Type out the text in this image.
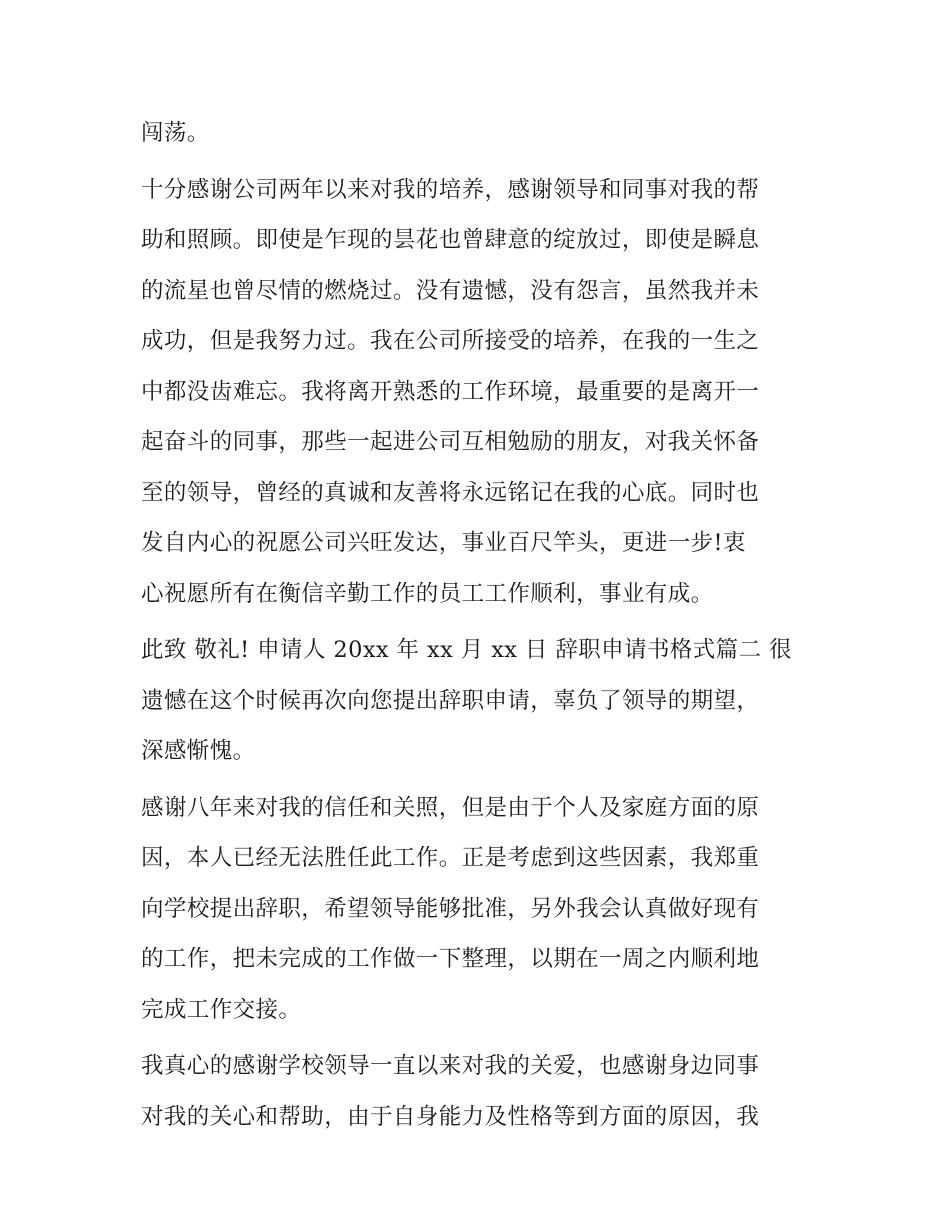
闯荡。
十分感谢公司两年以来对我的培养，感谢领导和同事对我的帮
助和照顾。即使是乍现的昙花也曾肆意的绽放过，即使是瞬息
的流星也曾尽情的燃烧过。没有遗憾，没有怨言，虽然我并未
成功，但是我努力过。我在公司所接受的培养，在我的一生之
中都没齿难忘。我将离开熟悉的工作环境，最重要的是离开一
起奋斗的同事，那些一起进公司互相勉励的朋友，对我关怀备
至的领导，曾经的真诚和友善将永远铭记在我的心底。同时也
发自内心的祝愿公司兴旺发达，事业百尺竿头，更进一步!衷
心祝愿所有在衡信辛勤工作的员工工作顺利，事业有成。
此致 敬礼! 申请人 20xx 年 xx 月 xx 日 辞职申请书格式篇二 很
遗憾在这个时候再次向您提出辞职申请，辜负了领导的期望，
深感惭愧。
感谢八年来对我的信任和关照，但是由于个人及家庭方面的原
因，本人已经无法胜任此工作。正是考虑到这些因素，我郑重
向学校提出辞职，希望领导能够批准，另外我会认真做好现有
的工作，把未完成的工作做一下整理，以期在一周之内顺利地
完成工作交接。
我真心的感谢学校领导一直以来对我的关爱，也感谢身边同事
对我的关心和帮助，由于自身能力及性格等到方面的原因，我
